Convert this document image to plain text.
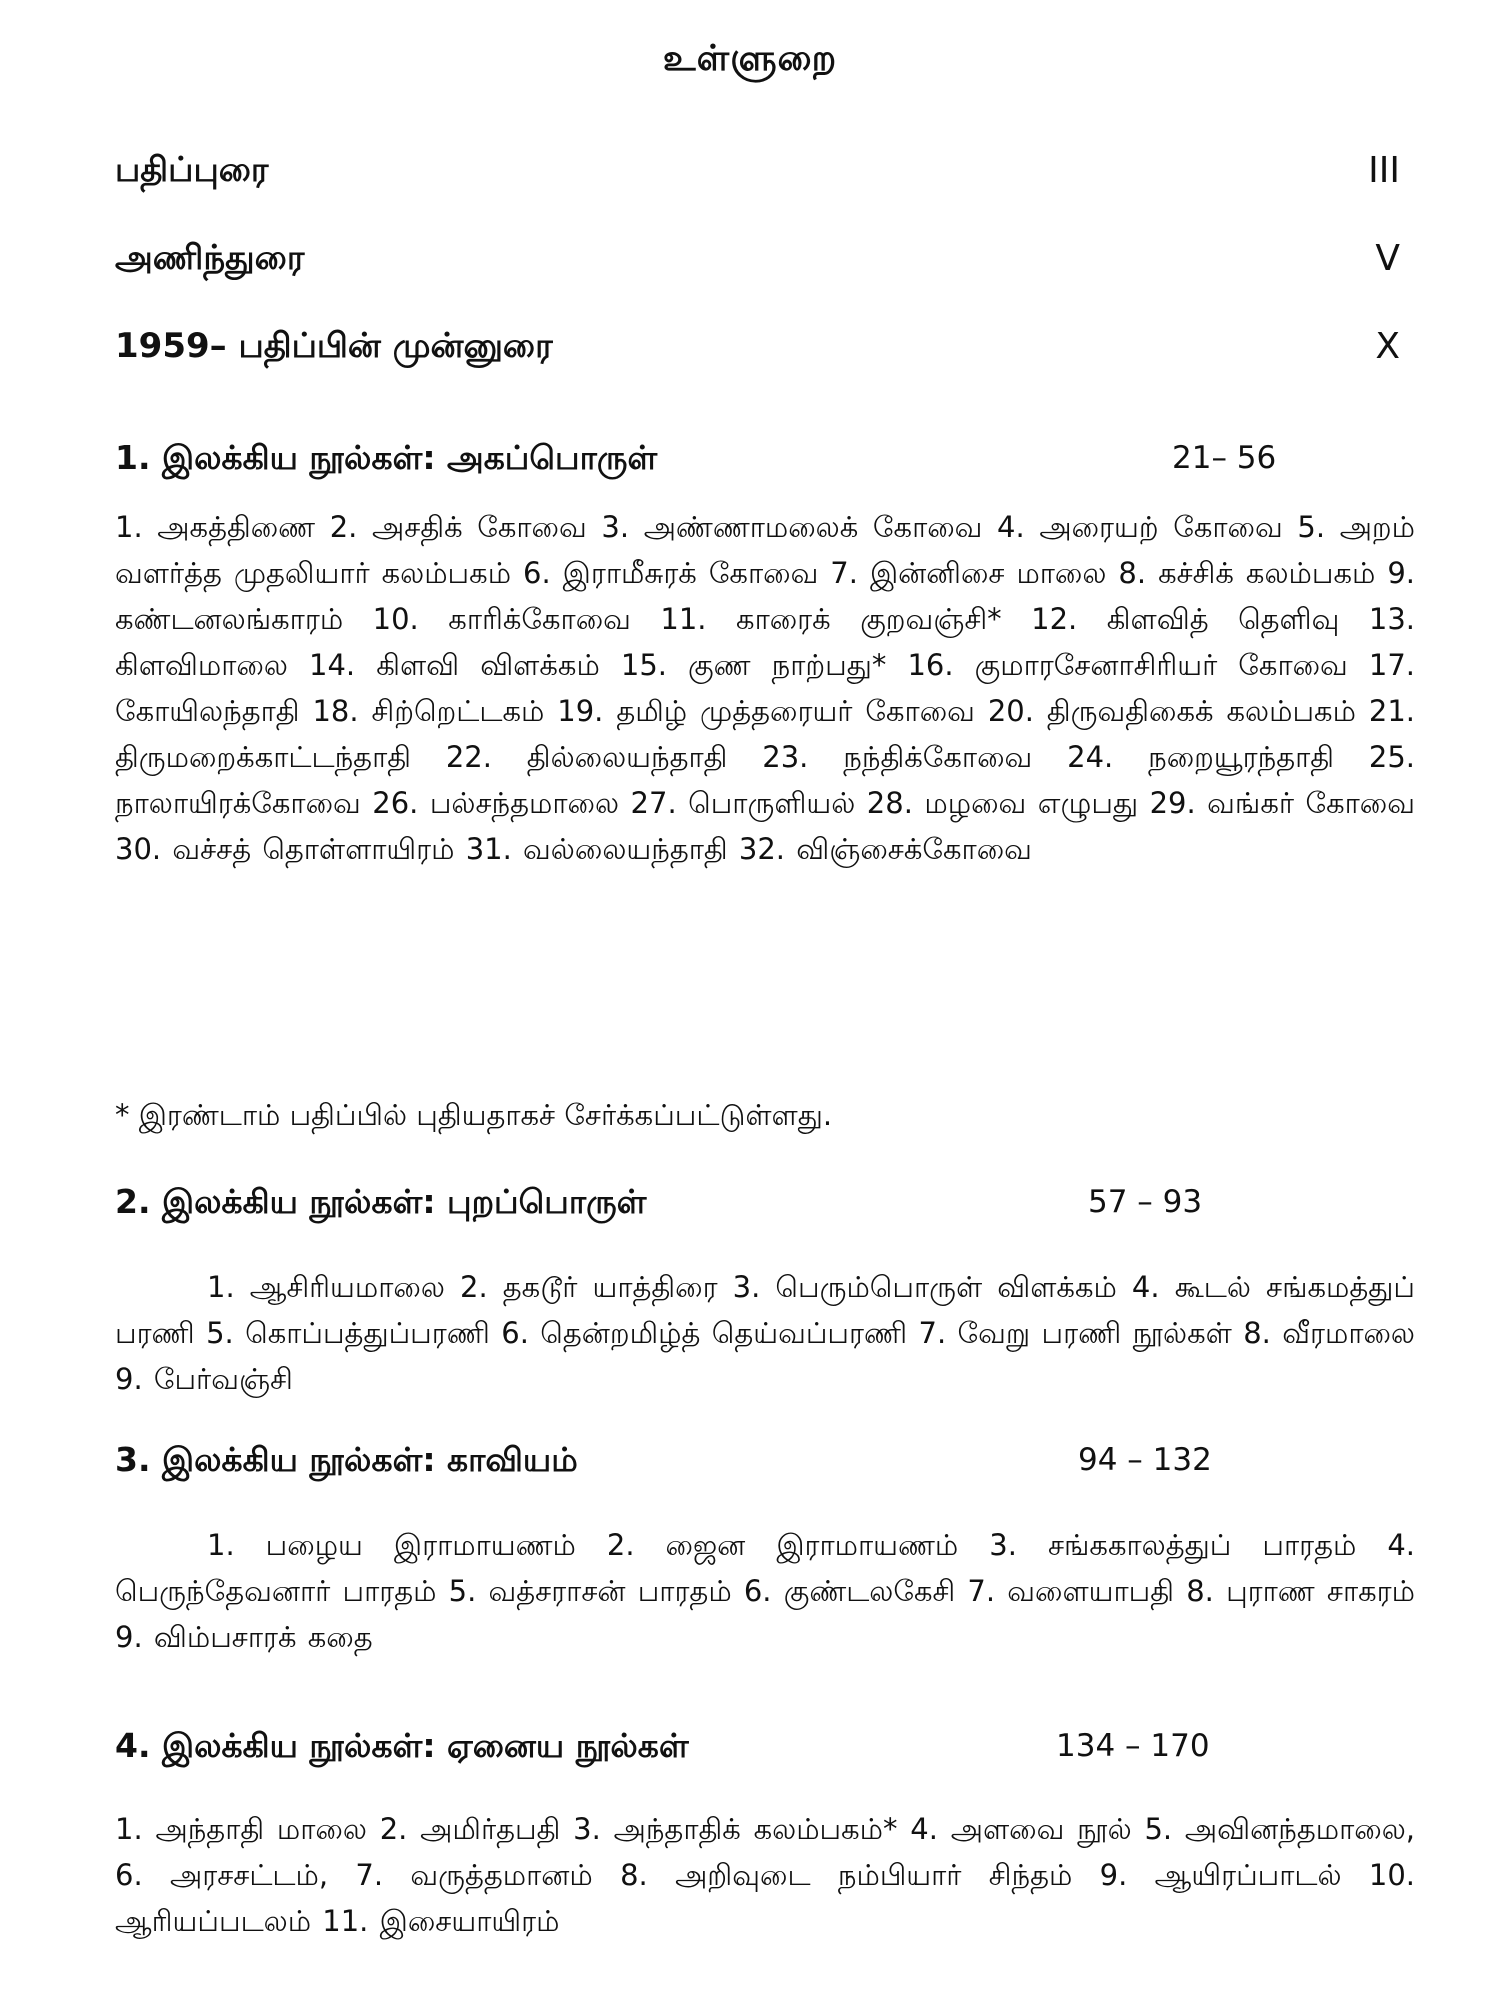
உள்ளுறை
பதிப்புரை	III
அணிந்துரை	V
1959– பதிப்பின் முன்னுரை	X
1. இலக்கிய நூல்கள்: அகப்பொருள்	21– 56
1. அகத்திணை 2. அசதிக் கோவை 3. அண்ணாமலைக் கோவை 4. அரையற் கோவை 5. அறம் வளர்த்த முதலியார் கலம்பகம் 6. இராமீசுரக் கோவை 7. இன்னிசை மாலை 8. கச்சிக் கலம்பகம் 9. கண்டனலங்காரம் 10. காரிக்கோவை 11. காரைக் குறவஞ்சி* 12. கிளவித் தெளிவு 13. கிளவிமாலை 14. கிளவி விளக்கம் 15. குண நாற்பது* 16. குமாரசேனாசிரியர் கோவை 17. கோயிலந்தாதி 18. சிற்றெட்டகம் 19. தமிழ் முத்தரையர் கோவை 20. திருவதிகைக் கலம்பகம் 21. திருமறைக்காட்டந்தாதி 22. தில்லையந்தாதி 23. நந்திக்கோவை 24. நறையூரந்தாதி 25. நாலாயிரக்கோவை 26. பல்சந்தமாலை 27. பொருளியல் 28. மழவை எழுபது 29. வங்கர் கோவை 30. வச்சத் தொள்ளாயிரம் 31. வல்லையந்தாதி 32. விஞ்சைக்கோவை
* இரண்டாம் பதிப்பில் புதியதாகச் சேர்க்கப்பட்டுள்ளது.
2. இலக்கிய நூல்கள்: புறப்பொருள்	57 – 93
1. ஆசிரியமாலை 2. தகடூர் யாத்திரை 3. பெரும்பொருள் விளக்கம் 4. கூடல் சங்கமத்துப் பரணி 5. கொப்பத்துப்பரணி 6. தென்றமிழ்த் தெய்வப்பரணி 7. வேறு பரணி நூல்கள் 8. வீரமாலை 9. பேர்வஞ்சி
3. இலக்கிய நூல்கள்: காவியம்	94 – 132
1. பழைய இராமாயணம் 2. ஜைன இராமாயணம் 3. சங்ககாலத்துப் பாரதம் 4. பெருந்தேவனார் பாரதம் 5. வத்சராசன் பாரதம் 6. குண்டலகேசி 7. வளையாபதி 8. புராண சாகரம் 9. விம்பசாரக் கதை
4. இலக்கிய நூல்கள்: ஏனைய நூல்கள்	134 – 170
1. அந்தாதி மாலை 2. அமிர்தபதி 3. அந்தாதிக் கலம்பகம்* 4. அளவை நூல் 5. அவினந்தமாலை, 6. அரசசட்டம், 7. வருத்தமானம் 8. அறிவுடை நம்பியார் சிந்தம் 9. ஆயிரப்பாடல் 10. ஆரியப்படலம் 11. இசையாயிரம்
